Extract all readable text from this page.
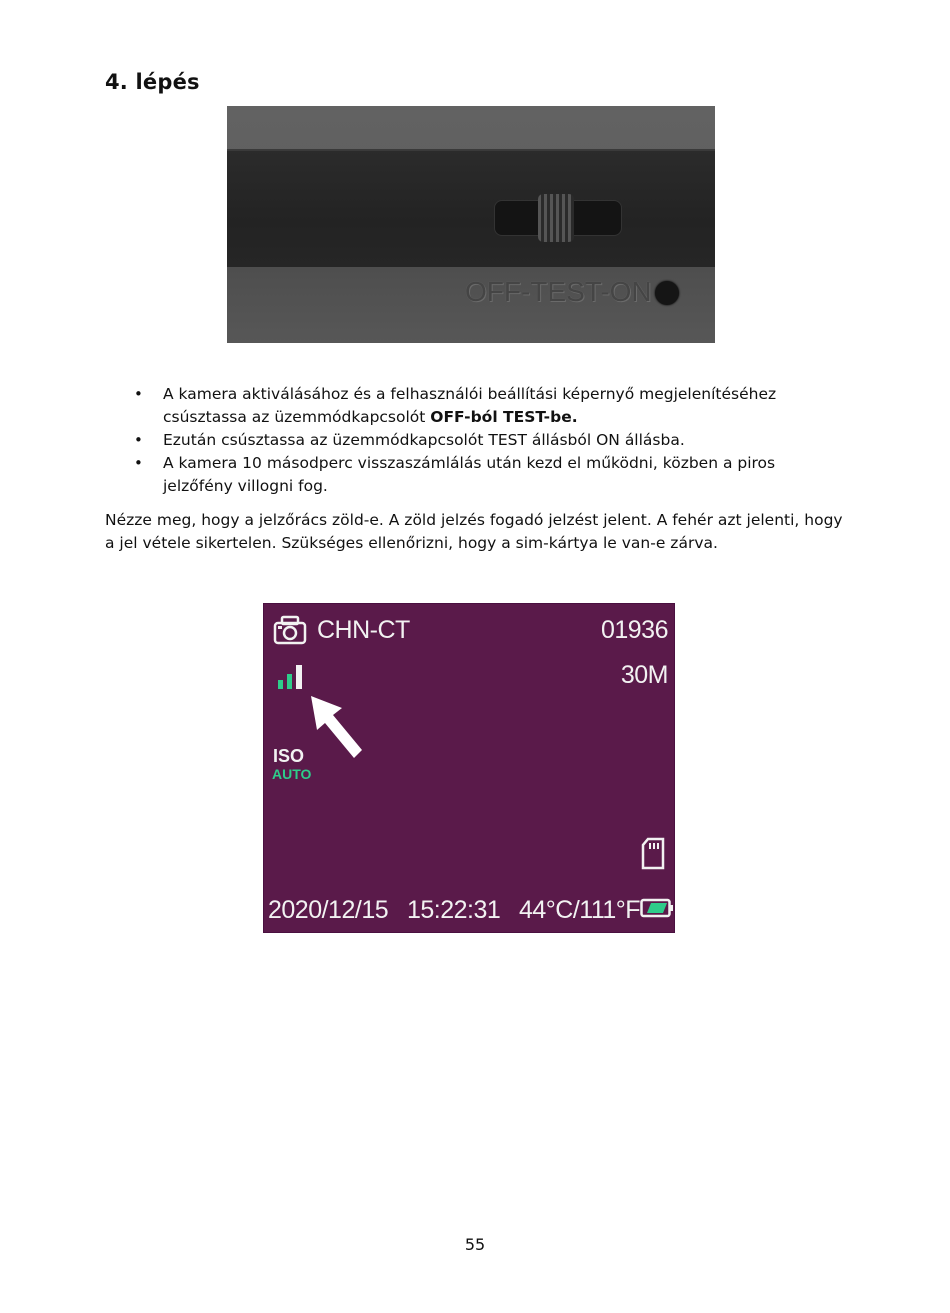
4. lépés
OFF-TEST-ON
• A kamera aktiválásához és a felhasználói beállítási képernyő megjelenítéséhez csúsztassa az üzemmódkapcsolót OFF-ból TEST-be.
• Ezután csúsztassa az üzemmódkapcsolót TEST állásból ON állásba.
• A kamera 10 másodperc visszaszámlálás után kezd el működni, közben a piros jelzőfény villogni fog.

Nézze meg, hogy a jelzőrács zöld-e. A zöld jelzés fogadó jelzést jelent. A fehér azt jelenti, hogy a jel vétele sikertelen. Szükséges ellenőrizni, hogy a sim-kártya le van-e zárva.

CHN-CT	01936
30M
ISO
AUTO
2020/12/15 15:22:31 44°C/111°F
55
